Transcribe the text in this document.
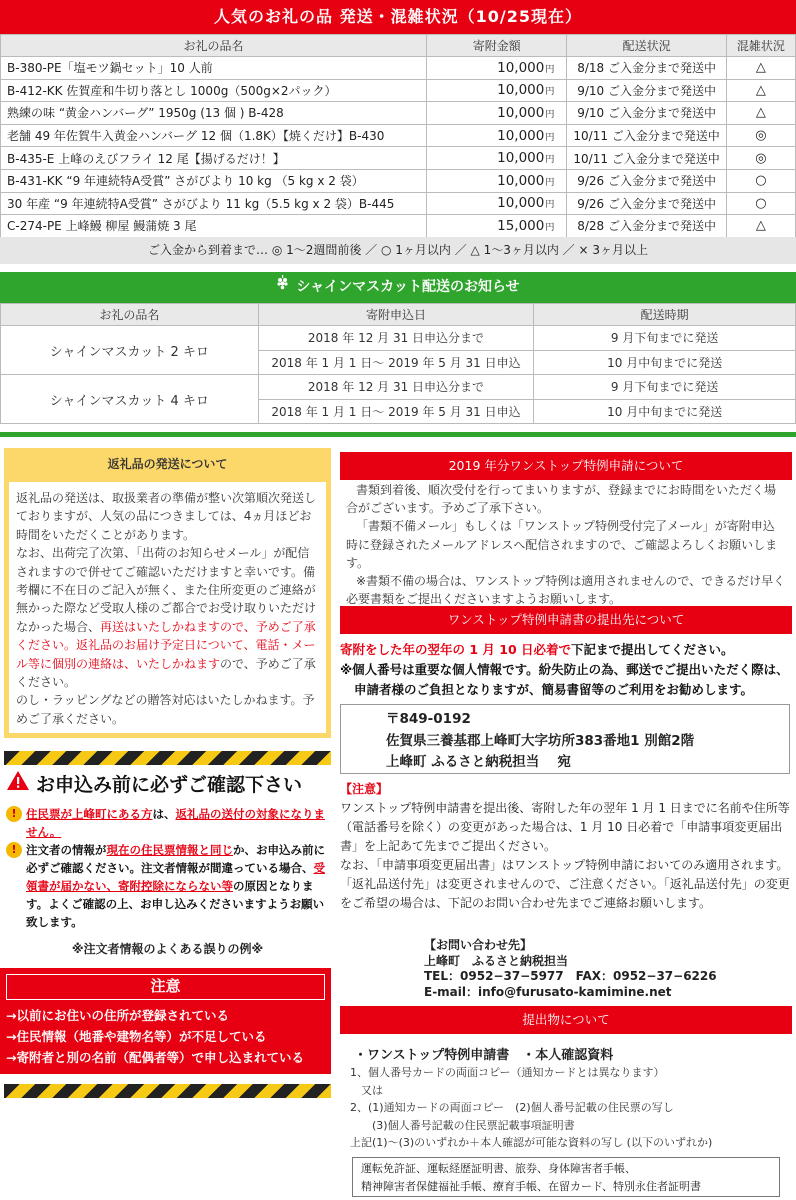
人気のお礼の品 発送・混雑状況（10/25現在）
お礼の品名	寄附金額	配送状況	混雑状況
B-380-PE「塩モツ鍋セット」10 人前	10,000円	8/18 ご入金分まで発送中	△
B-412-KK 佐賀産和牛切り落とし 1000g（500g×2パック）	10,000円	9/10 ご入金分まで発送中	△
熟練の味 “黄金ハンバーグ” 1950g (13 個 ) B-428	10,000円	9/10 ご入金分まで発送中	△
老舗 49 年佐賀牛入黄金ハンバーグ 12 個（1.8K）【焼くだけ】B-430	10,000円	10/11 ご入金分まで発送中	◎
B-435-E 上峰のえびフライ 12 尾【揚げるだけ！】	10,000円	10/11 ご入金分まで発送中	◎
B-431-KK “9 年連続特A受賞” さがびより 10 kg （5 kg x 2 袋）	10,000円	9/26 ご入金分まで発送中	○
30 年産 “9 年連続特A受賞” さがびより 11 kg（5.5 kg x 2 袋）B-445	10,000円	9/26 ご入金分まで発送中	○
C-274-PE 上峰鰻 柳屋 鰻蒲焼 3 尾	15,000円	8/28 ご入金分まで発送中	△
ご入金から到着まで… ◎ 1〜2週間前後 ／ ○ 1ヶ月以内 ／ △ 1〜3ヶ月以内 ／ × 3ヶ月以上
シャインマスカット配送のお知らせ
お礼の品名	寄附申込日	配送時期
シャインマスカット 2 キロ	2018 年 12 月 31 日申込分まで	9 月下旬までに発送
	2018 年 1 月 1 日〜 2019 年 5 月 31 日申込	10 月中旬までに発送
シャインマスカット 4 キロ	2018 年 12 月 31 日申込分まで	9 月下旬までに発送
	2018 年 1 月 1 日〜 2019 年 5 月 31 日申込	10 月中旬までに発送
返礼品の発送について
返礼品の発送は、取扱業者の準備が整い次第順次発送しておりますが、人気の品につきましては、4ヵ月ほどお時間をいただくことがあります。
なお、出荷完了次第、「出荷のお知らせメール」が配信されますので併せてご確認いただけますと幸いです。備考欄に不在日のご記入が無く、また住所変更のご連絡が無かった際など受取人様のご都合でお受け取りいただけなかった場合、再送はいたしかねますので、予めご了承ください。返礼品のお届け予定日について、電話・メール等に個別の連絡は、いたしかねますので、予めご了承ください。
のし・ラッピングなどの贈答対応はいたしかねます。予めご了承ください。
お申込み前に必ずご確認下さい
! 住民票が上峰町にある方は、返礼品の送付の対象になりません。
! 注文者の情報が現在の住民票情報と同じか、お申込み前に必ずご確認ください。注文者情報が間違っている場合、受領書が届かない、寄附控除にならない等の原因となります。よくご確認の上、お申し込みくださいますようお願い致します。
※注文者情報のよくある誤りの例※
注意
→以前にお住いの住所が登録されている
→住民情報（地番や建物名等）が不足している
→寄附者と別の名前（配偶者等）で申し込まれている
2019 年分ワンストップ特例申請について
書類到着後、順次受付を行ってまいりますが、登録までにお時間をいただく場合がございます。予めご了承下さい。
「書類不備メール」もしくは「ワンストップ特例受付完了メール」が寄附申込時に登録されたメールアドレスへ配信されますので、ご確認よろしくお願いします。
※書類不備の場合は、ワンストップ特例は適用されませんので、できるだけ早く必要書類をご提出くださいますようお願いします。
ワンストップ特例申請書の提出先について
寄附をした年の翌年の 1 月 10 日必着で下記まで提出してください。
※個人番号は重要な個人情報です。紛失防止の為、郵送でご提出いただく際は、申請者様のご負担となりますが、簡易書留等のご利用をお勧めします。
〒849-0192
佐賀県三養基郡上峰町大字坊所383番地1 別館2階
上峰町 ふるさと納税担当　 宛
【注意】
ワンストップ特例申請書を提出後、寄附した年の翌年 1 月 1 日までに名前や住所等（電話番号を除く）の変更があった場合は、1 月 10 日必着で「申請事項変更届出書」を上記あて先までご提出ください。
なお、「申請事項変更届出書」はワンストップ特例申請においてのみ適用されます。「返礼品送付先」は変更されませんので、ご注意ください。「返礼品送付先」の変更をご希望の場合は、下記のお問い合わせ先までご連絡お願いします。
【お問い合わせ先】
上峰町　ふるさと納税担当
TEL：0952−37−5977　FAX：0952−37−6226
E-mail：info@furusato-kamimine.net
提出物について
・ワンストップ特例申請書　・本人確認資料
1、個人番号カードの両面コピー（通知カードとは異なります）
　又は
2、(1)通知カードの両面コピー　(2)個人番号記載の住民票の写し
　　(3)個人番号記載の住民票記載事項証明書
上記(1)〜(3)のいずれか＋本人確認が可能な資料の写し (以下のいずれか)
運転免許証、運転経歴証明書、旅券、身体障害者手帳、
精神障害者保健福祉手帳、療育手帳、在留カード、特別永住者証明書
